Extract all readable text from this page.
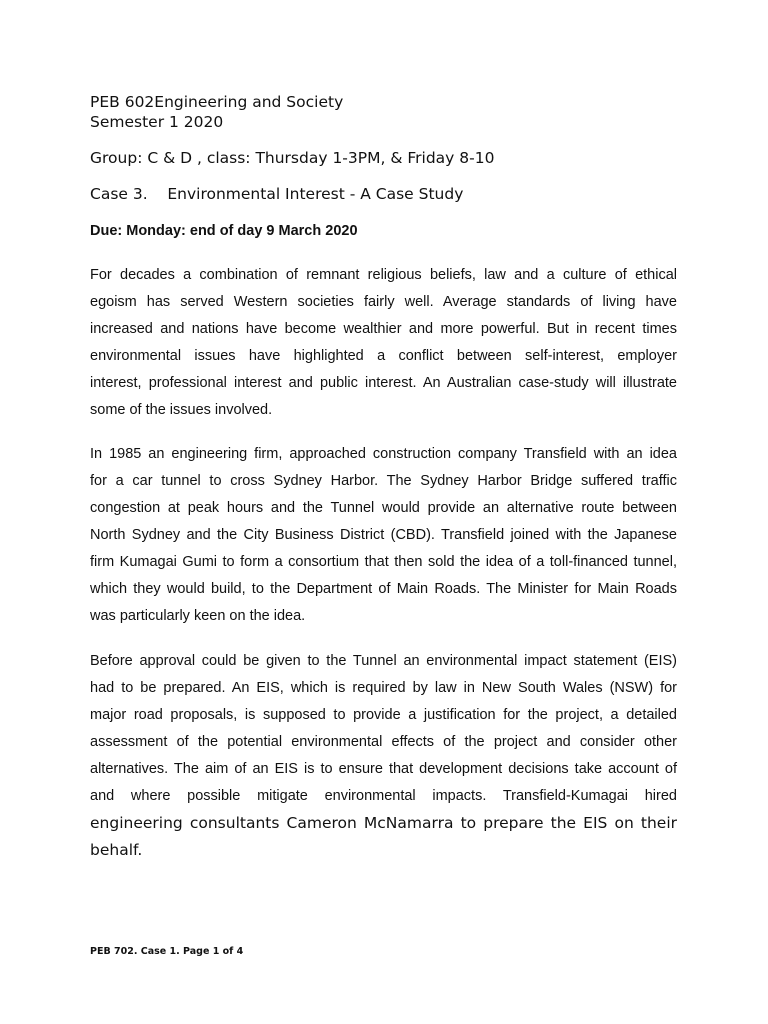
PEB 602Engineering and Society
Semester 1 2020
Group: C & D , class: Thursday 1-3PM, & Friday 8-10
Case 3.    Environmental Interest - A Case Study
Due: Monday: end of day 9 March 2020
For decades a combination of remnant religious beliefs, law and a culture of ethical
egoism has served Western societies fairly well. Average standards of living have
increased and nations have become wealthier and more powerful. But in recent times
environmental issues have highlighted a conflict between self-interest, employer
interest, professional interest and public interest. An Australian case-study will illustrate
some of the issues involved.
In 1985 an engineering firm, approached construction company Transfield with an idea
for a car tunnel to cross Sydney Harbor. The Sydney Harbor Bridge suffered traffic
congestion at peak hours and the Tunnel would provide an alternative route between
North Sydney and the City Business District (CBD). Transfield joined with the Japanese
firm Kumagai Gumi to form a consortium that then sold the idea of a toll-financed tunnel,
which they would build, to the Department of Main Roads. The Minister for Main Roads
was particularly keen on the idea.
Before approval could be given to the Tunnel an environmental impact statement (EIS)
had to be prepared. An EIS, which is required by law in New South Wales (NSW) for
major road proposals, is supposed to provide a justification for the project, a detailed
assessment of the potential environmental effects of the project and consider other
alternatives. The aim of an EIS is to ensure that development decisions take account of
and where possible mitigate environmental impacts. Transfield-Kumagai hired
engineering consultants Cameron McNamarra to prepare the EIS on their
behalf.
PEB 702. Case 1. Page 1 of 4
